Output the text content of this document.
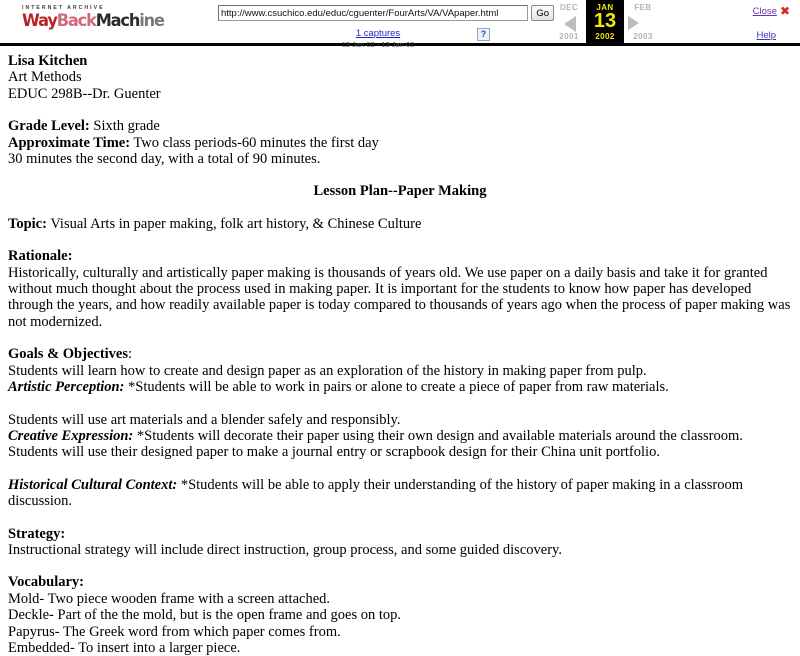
INTERNET ARCHIVE
WayBackMachine
http://www.csuchico.edu/educ/cguenter/FourArts/VA/VApaper.html	Go
1 captures
13 Jan 02 - 13 Jan 02
?
DEC	FEB
JAN
13
2002
2001	2003
Close ✖
Help
Lisa Kitchen
Art Methods
EDUC 298B--Dr. Guenter
Grade Level: Sixth grade
Approximate Time: Two class periods-60 minutes the first day
30 minutes the second day, with a total of 90 minutes.
Lesson Plan--Paper Making
Topic: Visual Arts in paper making, folk art history, & Chinese Culture
Rationale:
Historically, culturally and artistically paper making is thousands of years old. We use paper on a daily basis and take it for granted without much thought about the process used in making paper. It is important for the students to know how paper has developed through the years, and how readily available paper is today compared to thousands of years ago when the process of paper making was not modernized.
Goals & Objectives:
Students will learn how to create and design paper as an exploration of the history in making paper from pulp.
Artistic Perception: *Students will be able to work in pairs or alone to create a piece of paper from raw materials.
Students will use art materials and a blender safely and responsibly.
Creative Expression: *Students will decorate their paper using their own design and available materials around the classroom. Students will use their designed paper to make a journal entry or scrapbook design for their China unit portfolio.
Historical Cultural Context: *Students will be able to apply their understanding of the history of paper making in a classroom discussion.
Strategy:
Instructional strategy will include direct instruction, group process, and some guided discovery.
Vocabulary:
Mold- Two piece wooden frame with a screen attached.
Deckle- Part of the the mold, but is the open frame and goes on top.
Papyrus- The Greek word from which paper comes from.
Embedded- To insert into a larger piece.
